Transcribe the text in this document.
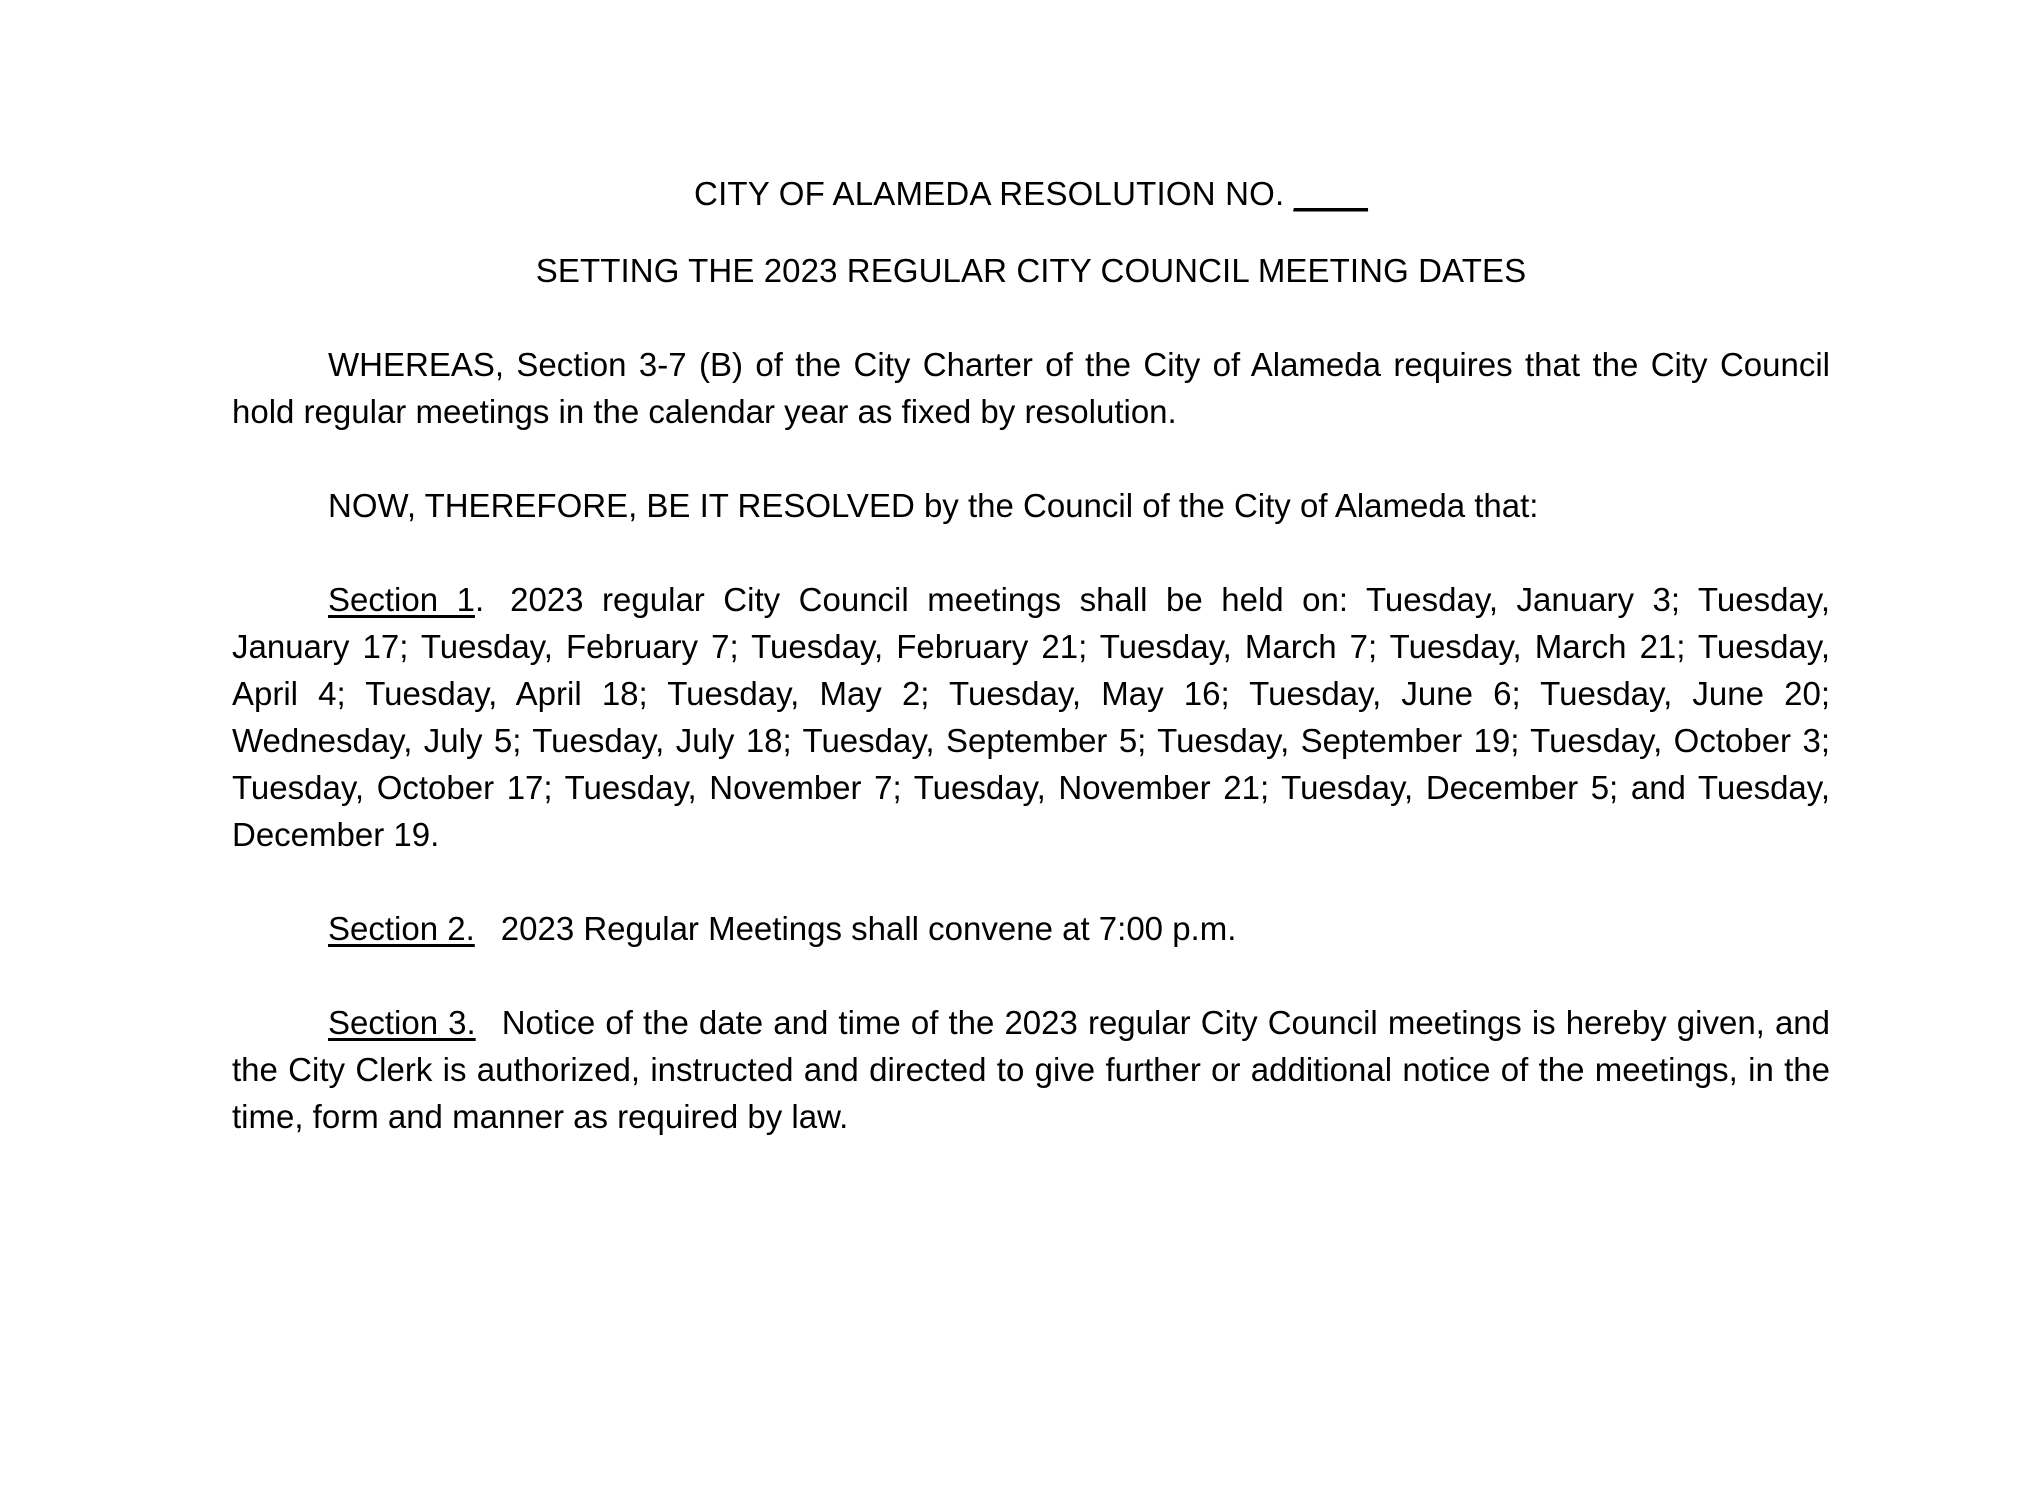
CITY OF ALAMEDA RESOLUTION NO. ____
SETTING THE 2023 REGULAR CITY COUNCIL MEETING DATES

WHEREAS, Section 3-7 (B) of the City Charter of the City of Alameda requires that the City Council hold regular meetings in the calendar year as fixed by resolution.

NOW, THEREFORE, BE IT RESOLVED by the Council of the City of Alameda that:

Section 1. 2023 regular City Council meetings shall be held on: Tuesday, January 3; Tuesday, January 17; Tuesday, February 7; Tuesday, February 21; Tuesday, March 7; Tuesday, March 21; Tuesday, April 4; Tuesday, April 18; Tuesday, May 2; Tuesday, May 16; Tuesday, June 6; Tuesday, June 20; Wednesday, July 5; Tuesday, July 18; Tuesday, September 5; Tuesday, September 19; Tuesday, October 3; Tuesday, October 17; Tuesday, November 7; Tuesday, November 21; Tuesday, December 5; and Tuesday, December 19.

Section 2. 2023 Regular Meetings shall convene at 7:00 p.m.

Section 3. Notice of the date and time of the 2023 regular City Council meetings is hereby given, and the City Clerk is authorized, instructed and directed to give further or additional notice of the meetings, in the time, form and manner as required by law.
